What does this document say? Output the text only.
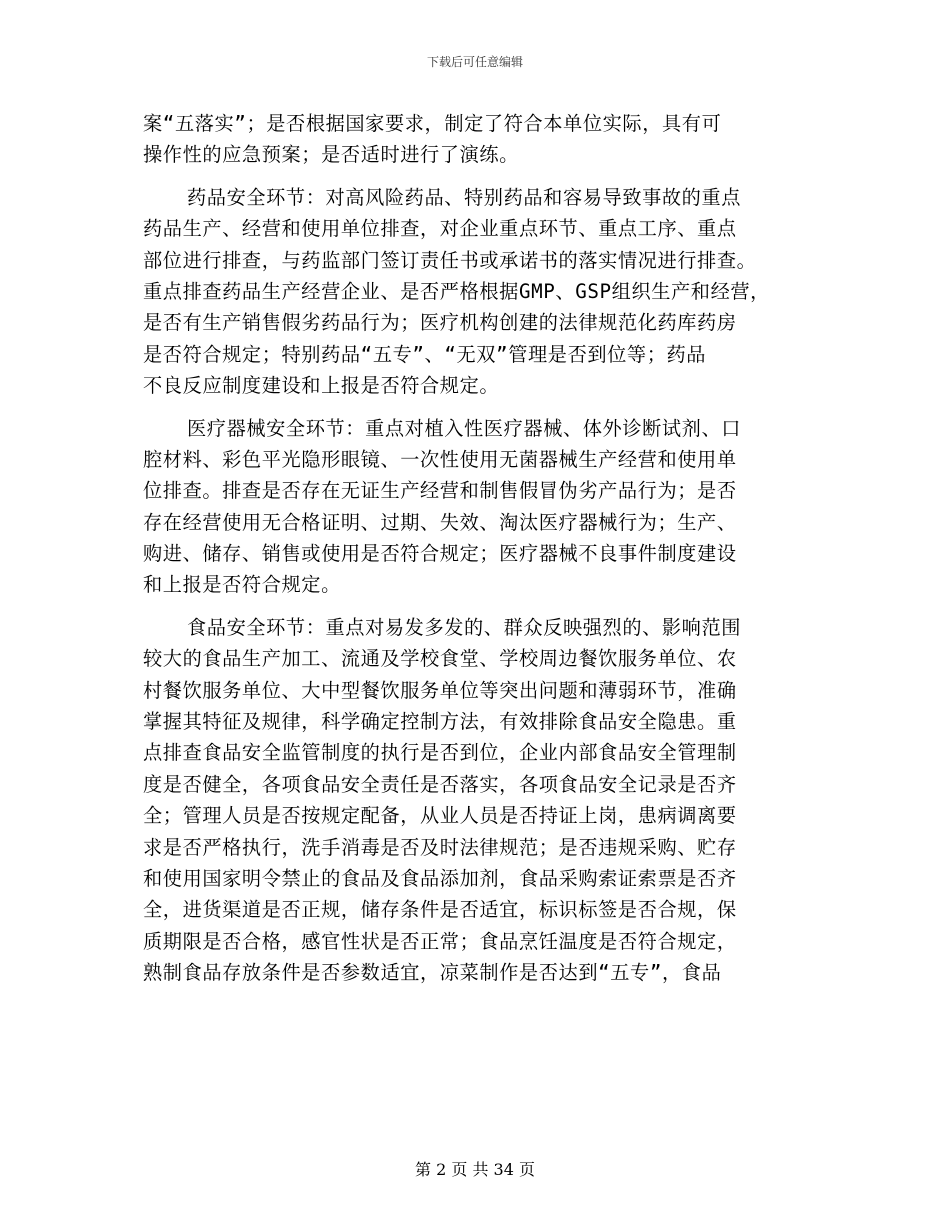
下载后可任意编辑
案“五落实”；是否根据国家要求，制定了符合本单位实际，具有可
操作性的应急预案；是否适时进行了演练。
药品安全环节：对高风险药品、特别药品和容易导致事故的重点
药品生产、经营和使用单位排查，对企业重点环节、重点工序、重点
部位进行排查，与药监部门签订责任书或承诺书的落实情况进行排查。
重点排查药品生产经营企业、是否严格根据GMP、GSP组织生产和经营，
是否有生产销售假劣药品行为；医疗机构创建的法律规范化药库药房
是否符合规定；特别药品“五专”、“无双”管理是否到位等；药品
不良反应制度建设和上报是否符合规定。
医疗器械安全环节：重点对植入性医疗器械、体外诊断试剂、口
腔材料、彩色平光隐形眼镜、一次性使用无菌器械生产经营和使用单
位排查。排查是否存在无证生产经营和制售假冒伪劣产品行为；是否
存在经营使用无合格证明、过期、失效、淘汰医疗器械行为；生产、
购进、储存、销售或使用是否符合规定；医疗器械不良事件制度建设
和上报是否符合规定。
食品安全环节：重点对易发多发的、群众反映强烈的、影响范围
较大的食品生产加工、流通及学校食堂、学校周边餐饮服务单位、农
村餐饮服务单位、大中型餐饮服务单位等突出问题和薄弱环节，准确
掌握其特征及规律，科学确定控制方法，有效排除食品安全隐患。重
点排查食品安全监管制度的执行是否到位，企业内部食品安全管理制
度是否健全，各项食品安全责任是否落实，各项食品安全记录是否齐
全；管理人员是否按规定配备，从业人员是否持证上岗，患病调离要
求是否严格执行，洗手消毒是否及时法律规范；是否违规采购、贮存
和使用国家明令禁止的食品及食品添加剂，食品采购索证索票是否齐
全，进货渠道是否正规，储存条件是否适宜，标识标签是否合规，保
质期限是否合格，感官性状是否正常；食品烹饪温度是否符合规定，
熟制食品存放条件是否参数适宜，凉菜制作是否达到“五专”，食品
第 2 页 共 34 页
